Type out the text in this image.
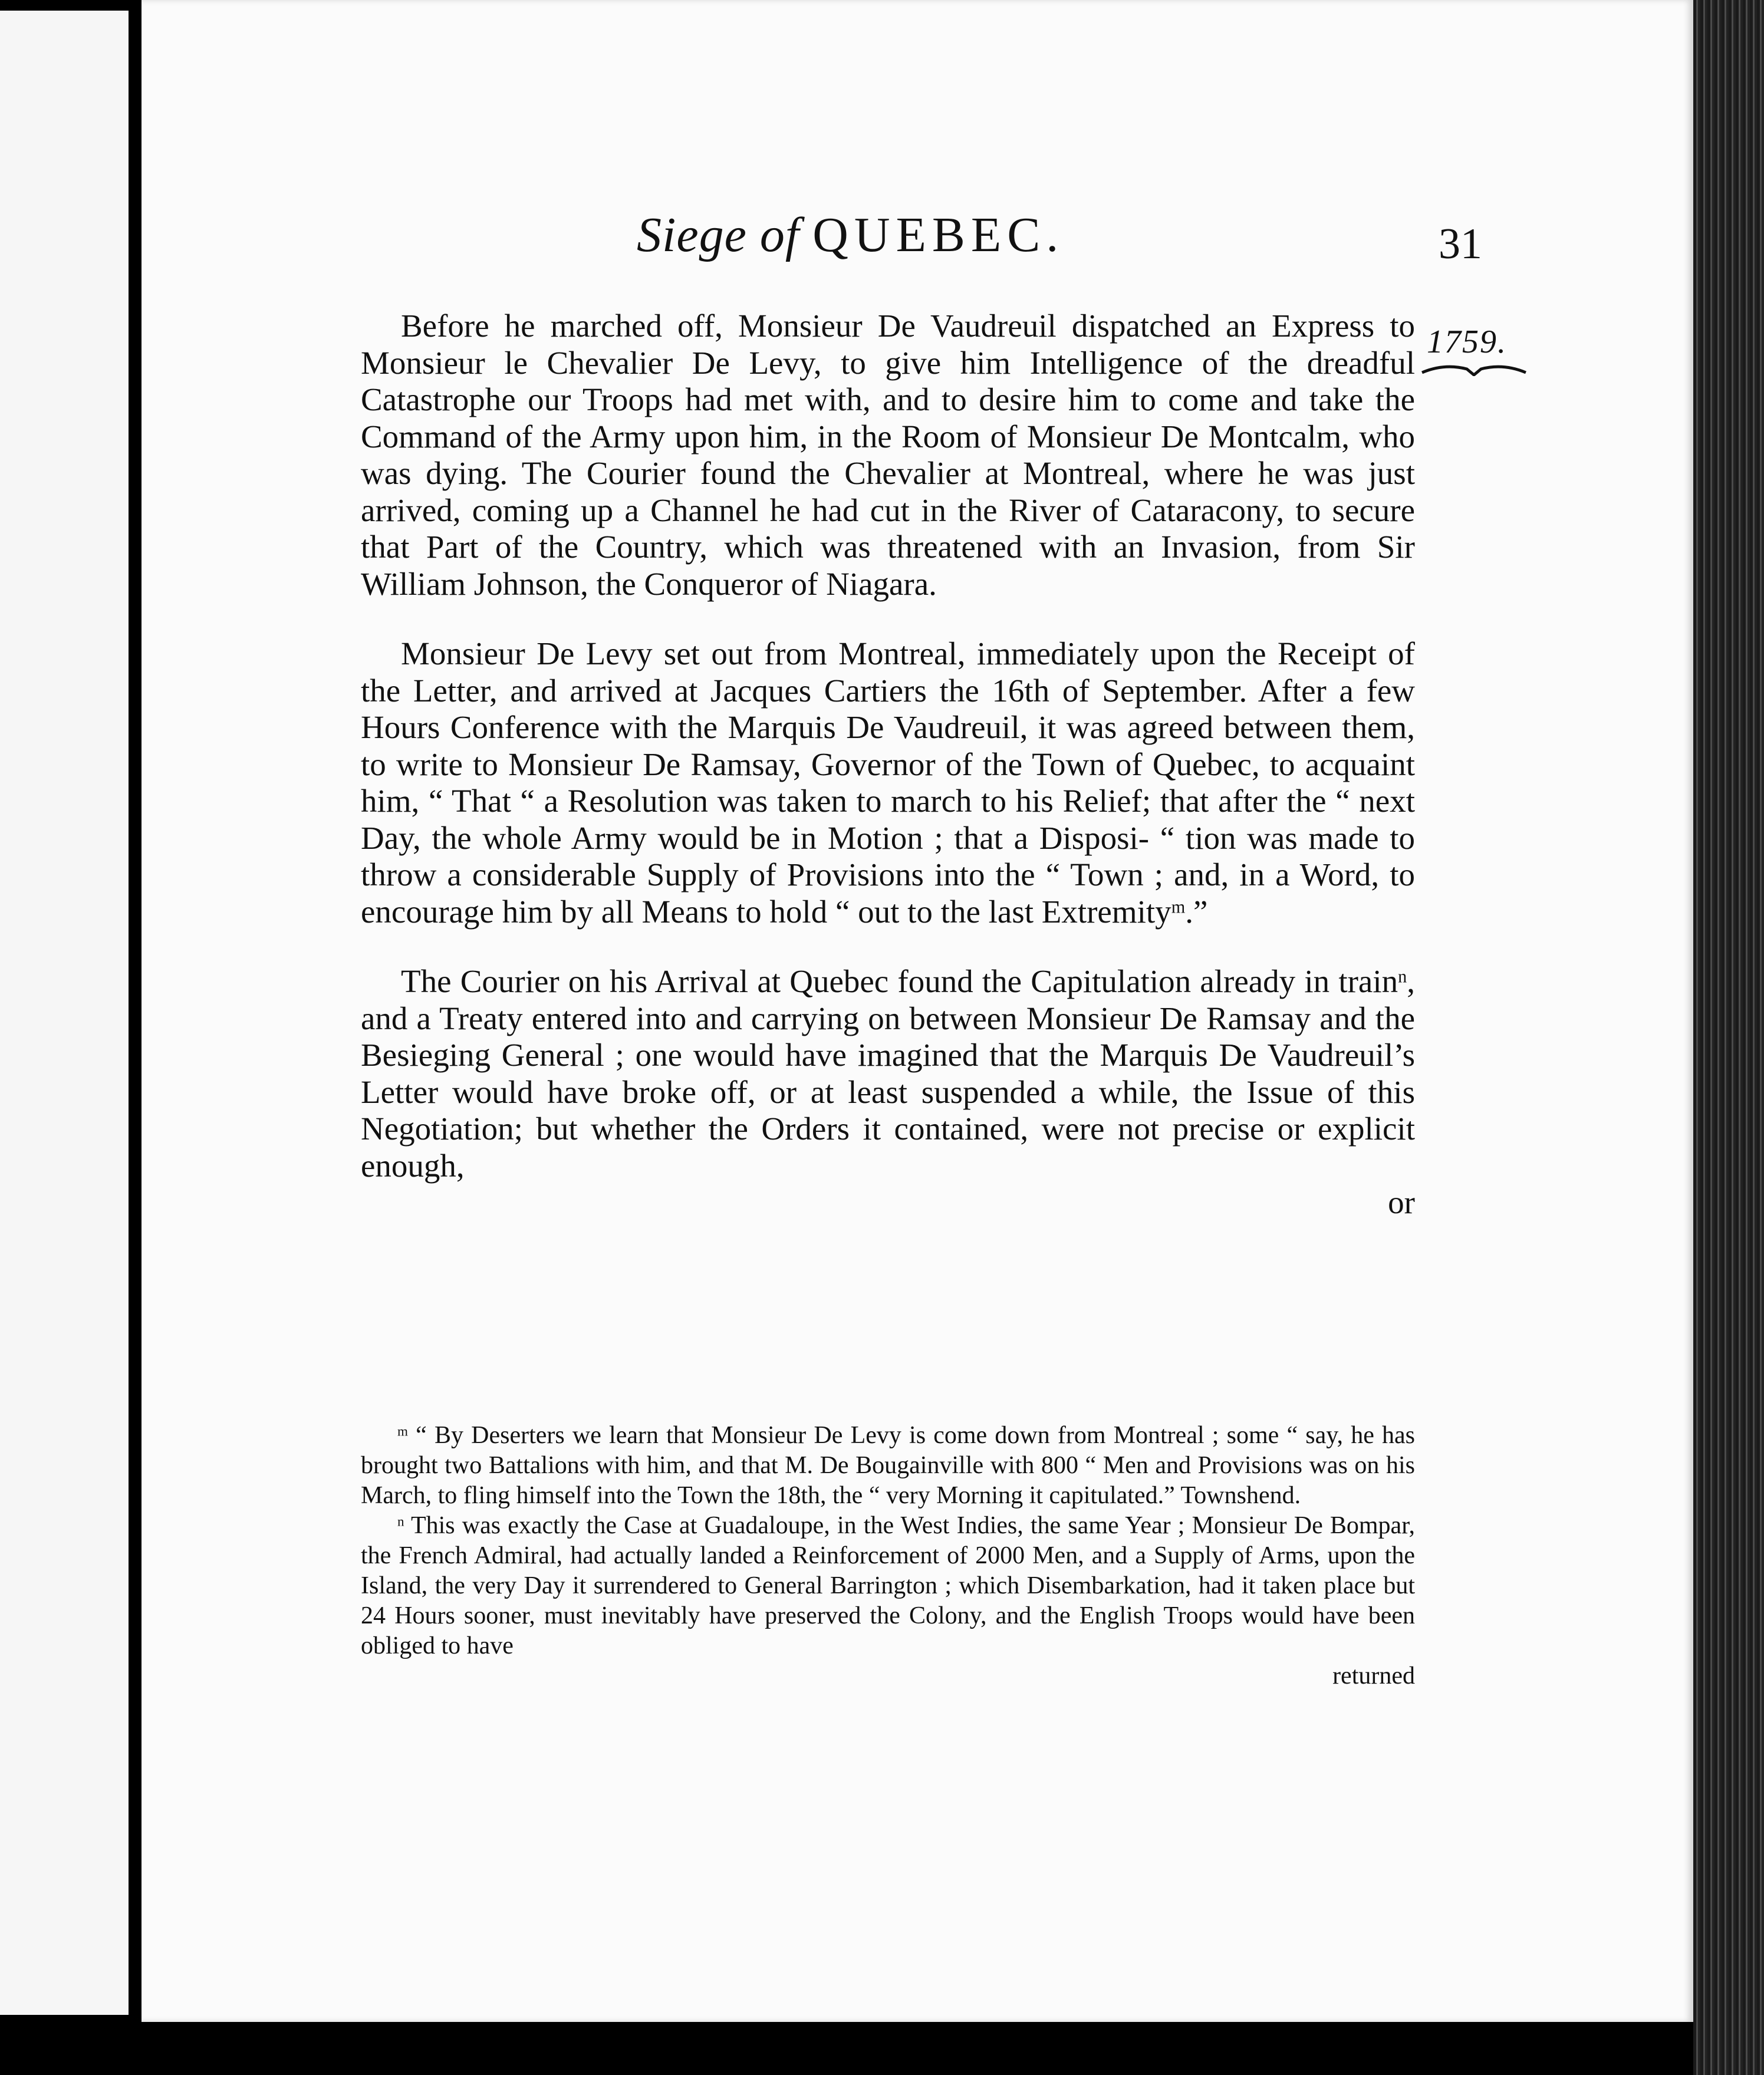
Siege of QUEBEC.	31
1759.

Before he marched off, Monsieur De Vaudreuil dispatched an Express to Monsieur le Chevalier De Levy, to give him Intelligence of the dreadful Catastrophe our Troops had met with, and to desire him to come and take the Command of the Army upon him, in the Room of Monsieur De Montcalm, who was dying. The Courier found the Chevalier at Montreal, where he was just arrived, coming up a Channel he had cut in the River of Cataracony, to secure that Part of the Country, which was threatened with an Invasion, from Sir William Johnson, the Conqueror of Niagara.

Monsieur De Levy set out from Montreal, immediately upon the Receipt of the Letter, and arrived at Jacques Cartiers the 16th of September. After a few Hours Conference with the Marquis De Vaudreuil, it was agreed between them, to write to Monsieur De Ramsay, Governor of the Town of Quebec, to acquaint him, “ That “ a Resolution was taken to march to his Relief; that after the “ next Day, the whole Army would be in Motion ; that a Disposi- “ tion was made to throw a considerable Supply of Provisions into the “ Town ; and, in a Word, to encourage him by all Means to hold “ out to the last Extremity$^m$.”

The Courier on his Arrival at Quebec found the Capitulation already in train$^n$, and a Treaty entered into and carrying on between Monsieur De Ramsay and the Besieging General ; one would have imagined that the Marquis De Vaudreuil’s Letter would have broke off, or at least suspended a while, the Issue of this Negotiation; but whether the Orders it contained, were not precise or explicit enough,

or

$^m$ “ By Deserters we learn that Monsieur De Levy is come down from Montreal ; some “ say, he has brought two Battalions with him, and that M. De Bougainville with 800 “ Men and Provisions was on his March, to fling himself into the Town the 18th, the “ very Morning it capitulated.” Townshend.

$^n$ This was exactly the Case at Guadaloupe, in the West Indies, the same Year ; Monsieur De Bompar, the French Admiral, had actually landed a Reinforcement of 2000 Men, and a Supply of Arms, upon the Island, the very Day it surrendered to General Barrington ; which Disembarkation, had it taken place but 24 Hours sooner, must inevitably have preserved the Colony, and the English Troops would have been obliged to have

returned
